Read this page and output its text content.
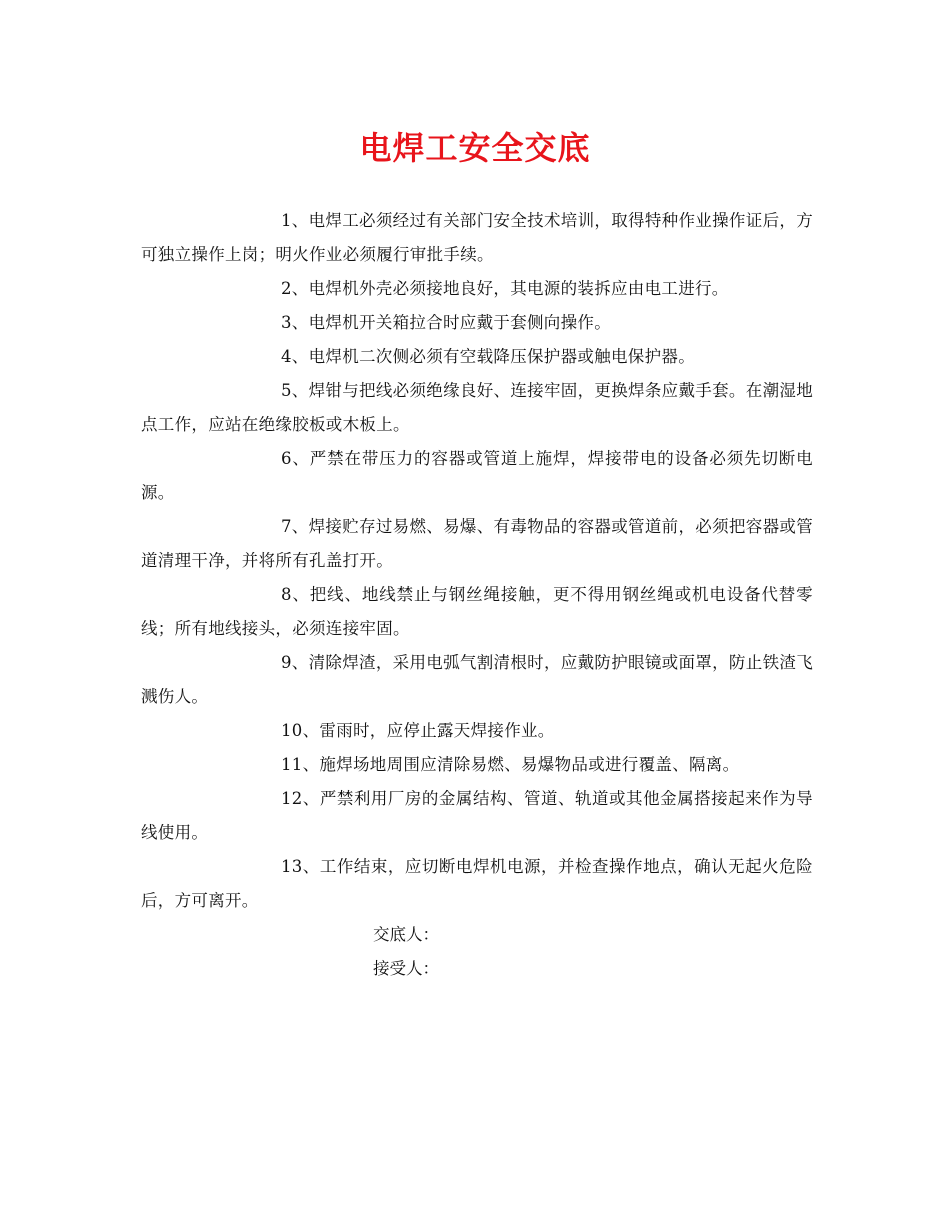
电焊工安全交底

1、电焊工必须经过有关部门安全技术培训，取得特种作业操作证后，方可独立操作上岗；明火作业必须履行审批手续。

2、电焊机外壳必须接地良好，其电源的装拆应由电工进行。

3、电焊机开关箱拉合时应戴于套侧向操作。

4、电焊机二次侧必须有空载降压保护器或触电保护器。

5、焊钳与把线必须绝缘良好、连接牢固，更换焊条应戴手套。在潮湿地点工作，应站在绝缘胶板或木板上。

6、严禁在带压力的容器或管道上施焊，焊接带电的设备必须先切断电源。

7、焊接贮存过易燃、易爆、有毒物品的容器或管道前，必须把容器或管道清理干净，并将所有孔盖打开。

8、把线、地线禁止与钢丝绳接触，更不得用钢丝绳或机电设备代替零线；所有地线接头，必须连接牢固。

9、清除焊渣，采用电弧气割清根时，应戴防护眼镜或面罩，防止铁渣飞溅伤人。

10、雷雨时，应停止露天焊接作业。

11、施焊场地周围应清除易燃、易爆物品或进行覆盖、隔离。

12、严禁利用厂房的金属结构、管道、轨道或其他金属搭接起来作为导线使用。

13、工作结束，应切断电焊机电源，并检查操作地点，确认无起火危险后，方可离开。

交底人：

接受人：
